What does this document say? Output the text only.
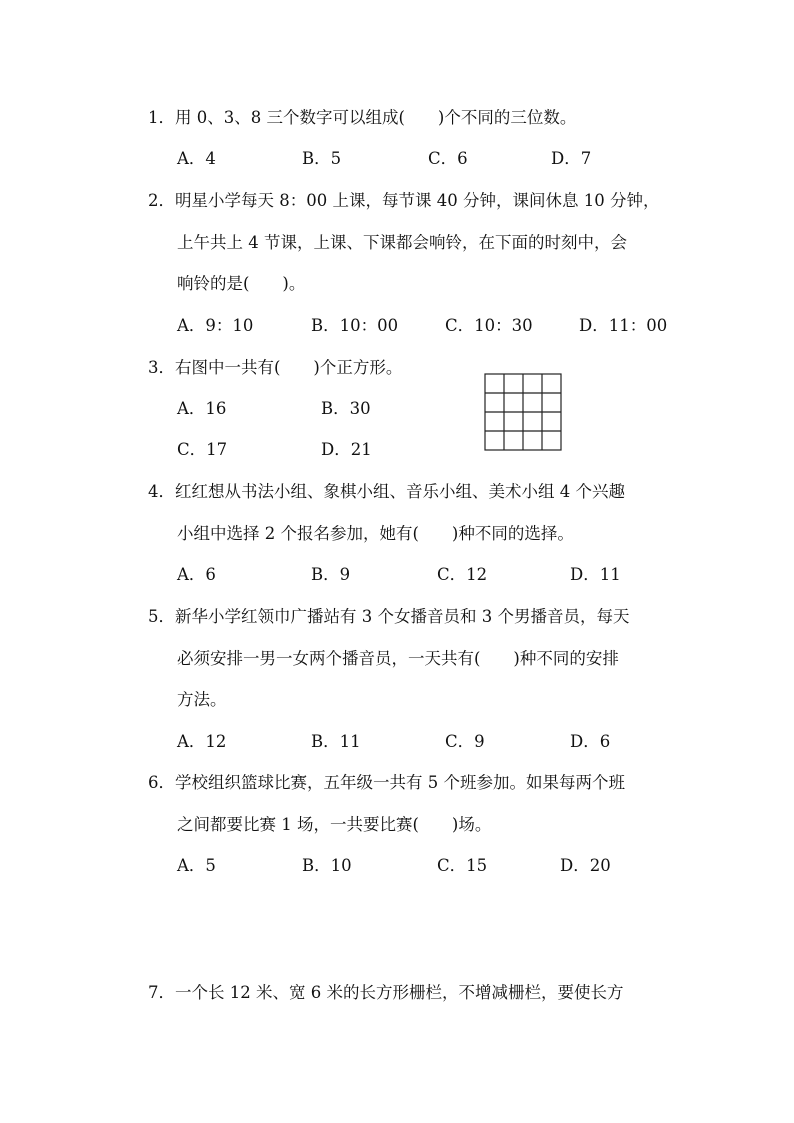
1．用 0、3、8 三个数字可以组成(　　)个不同的三位数。
A．4	B．5	C．6	D．7
2．明星小学每天 8：00 上课，每节课 40 分钟，课间休息 10 分钟，
上午共上 4 节课，上课、下课都会响铃，在下面的时刻中，会
响铃的是(　　)。
A．9：10	B．10：00	C．10：30	D．11：00
3．右图中一共有(　　)个正方形。
A．16	B．30
C．17	D．21
4．红红想从书法小组、象棋小组、音乐小组、美术小组 4 个兴趣
小组中选择 2 个报名参加，她有(　　)种不同的选择。
A．6	B．9	C．12	D．11
5．新华小学红领巾广播站有 3 个女播音员和 3 个男播音员，每天
必须安排一男一女两个播音员，一天共有(　　)种不同的安排
方法。
A．12	B．11	C．9	D．6
6．学校组织篮球比赛，五年级一共有 5 个班参加。如果每两个班
之间都要比赛 1 场，一共要比赛(　　)场。
A．5	B．10	C．15	D．20
7．一个长 12 米、宽 6 米的长方形栅栏，不增减栅栏，要使长方
